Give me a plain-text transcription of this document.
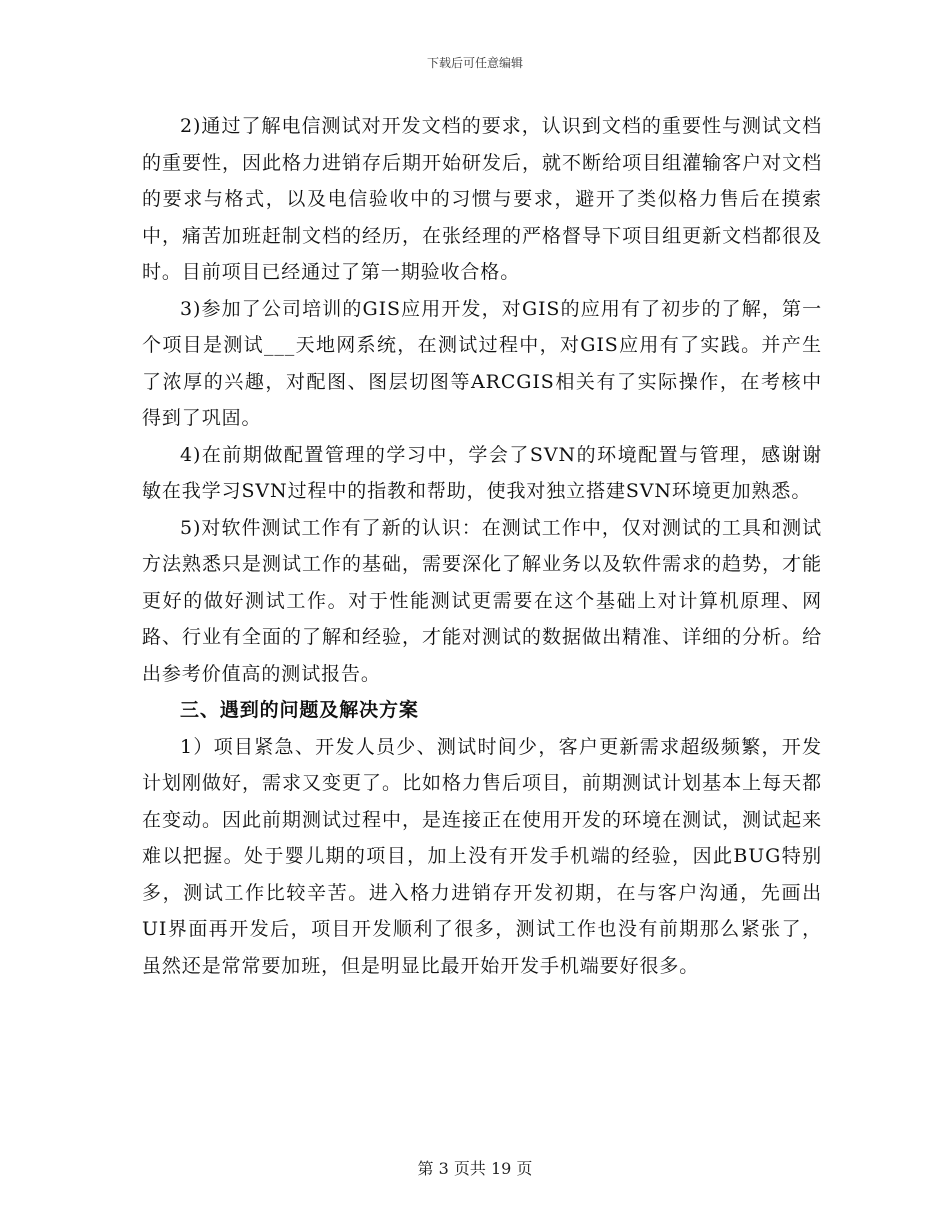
下载后可任意编辑

2)通过了解电信测试对开发文档的要求，认识到文档的重要性与测试文档的重要性，因此格力进销存后期开始研发后，就不断给项目组灌输客户对文档的要求与格式，以及电信验收中的习惯与要求，避开了类似格力售后在摸索中，痛苦加班赶制文档的经历，在张经理的严格督导下项目组更新文档都很及时。目前项目已经通过了第一期验收合格。

3)参加了公司培训的GIS应用开发，对GIS的应用有了初步的了解，第一个项目是测试___天地网系统，在测试过程中，对GIS应用有了实践。并产生了浓厚的兴趣，对配图、图层切图等ARCGIS相关有了实际操作，在考核中得到了巩固。

4)在前期做配置管理的学习中，学会了SVN的环境配置与管理，感谢谢敏在我学习SVN过程中的指教和帮助，使我对独立搭建SVN环境更加熟悉。

5)对软件测试工作有了新的认识：在测试工作中，仅对测试的工具和测试方法熟悉只是测试工作的基础，需要深化了解业务以及软件需求的趋势，才能更好的做好测试工作。对于性能测试更需要在这个基础上对计算机原理、网路、行业有全面的了解和经验，才能对测试的数据做出精准、详细的分析。给出参考价值高的测试报告。

三、遇到的问题及解决方案

1）项目紧急、开发人员少、测试时间少，客户更新需求超级频繁，开发计划刚做好，需求又变更了。比如格力售后项目，前期测试计划基本上每天都在变动。因此前期测试过程中，是连接正在使用开发的环境在测试，测试起来难以把握。处于婴儿期的项目，加上没有开发手机端的经验，因此BUG特别多，测试工作比较辛苦。进入格力进销存开发初期，在与客户沟通，先画出UI界面再开发后，项目开发顺利了很多，测试工作也没有前期那么紧张了，虽然还是常常要加班，但是明显比最开始开发手机端要好很多。

第 3 页共 19 页
